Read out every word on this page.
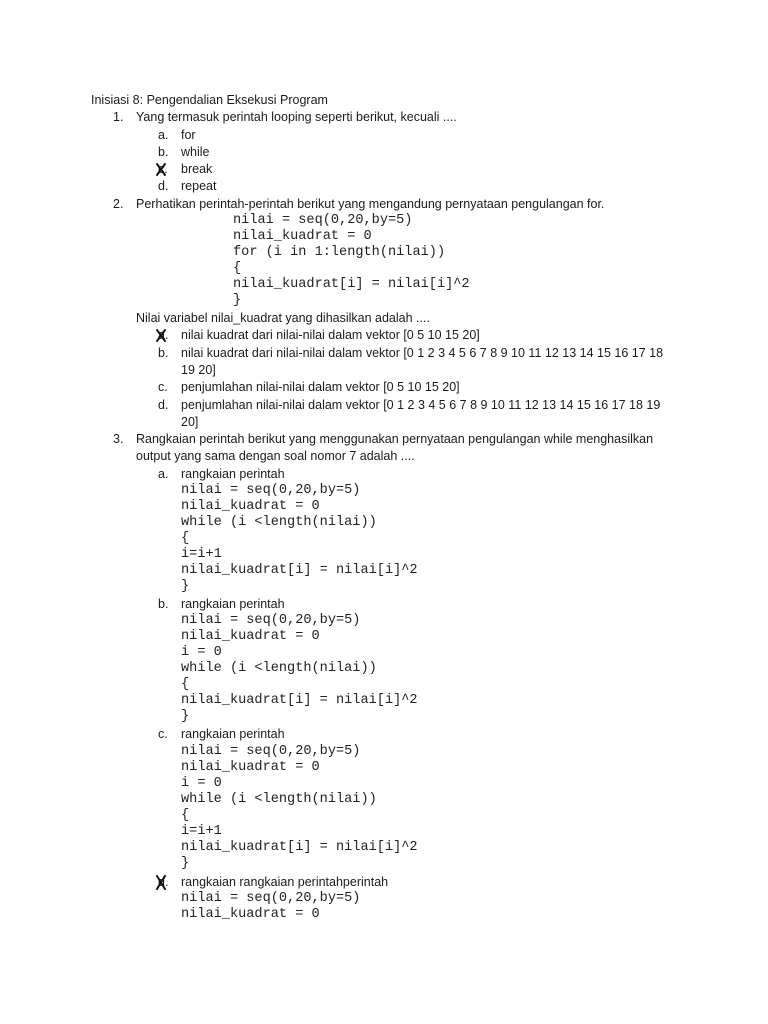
Inisiasi 8: Pengendalian Eksekusi Program

1.

Yang termasuk perintah looping seperti berikut, kecuali ....

a.

for

b.

while

c.

break

d.

repeat

2.

Perhatikan perintah-perintah berikut yang mengandung pernyataan pengulangan for.

nilai = seq(0,20,by=5)
nilai_kuadrat = 0
for (i in 1:length(nilai))
{
nilai_kuadrat[i] = nilai[i]^2
}

Nilai variabel nilai_kuadrat yang dihasilkan adalah ....

a.

nilai kuadrat dari nilai-nilai dalam vektor [0 5 10 15 20]

b.

nilai kuadrat dari nilai-nilai dalam vektor [0 1 2 3 4 5 6 7 8 9 10 11 12 13 14 15 16 17 18

19 20]

c.

penjumlahan nilai-nilai dalam vektor [0 5 10 15 20]

d.

penjumlahan nilai-nilai dalam vektor [0 1 2 3 4 5 6 7 8 9 10 11 12 13 14 15 16 17 18 19

20]

3.

Rangkaian perintah berikut yang menggunakan pernyataan pengulangan while menghasilkan

output yang sama dengan soal nomor 7 adalah ....

a.

rangkaian perintah

nilai = seq(0,20,by=5)
nilai_kuadrat = 0
while (i <length(nilai))
{
i=i+1
nilai_kuadrat[i] = nilai[i]^2
}

b.

rangkaian perintah

nilai = seq(0,20,by=5)
nilai_kuadrat = 0
i = 0
while (i <length(nilai))
{
nilai_kuadrat[i] = nilai[i]^2
}

c.

rangkaian perintah

nilai = seq(0,20,by=5)
nilai_kuadrat = 0
i = 0
while (i <length(nilai))
{
i=i+1
nilai_kuadrat[i] = nilai[i]^2
}

d.

rangkaian rangkaian perintahperintah

nilai = seq(0,20,by=5)
nilai_kuadrat = 0
